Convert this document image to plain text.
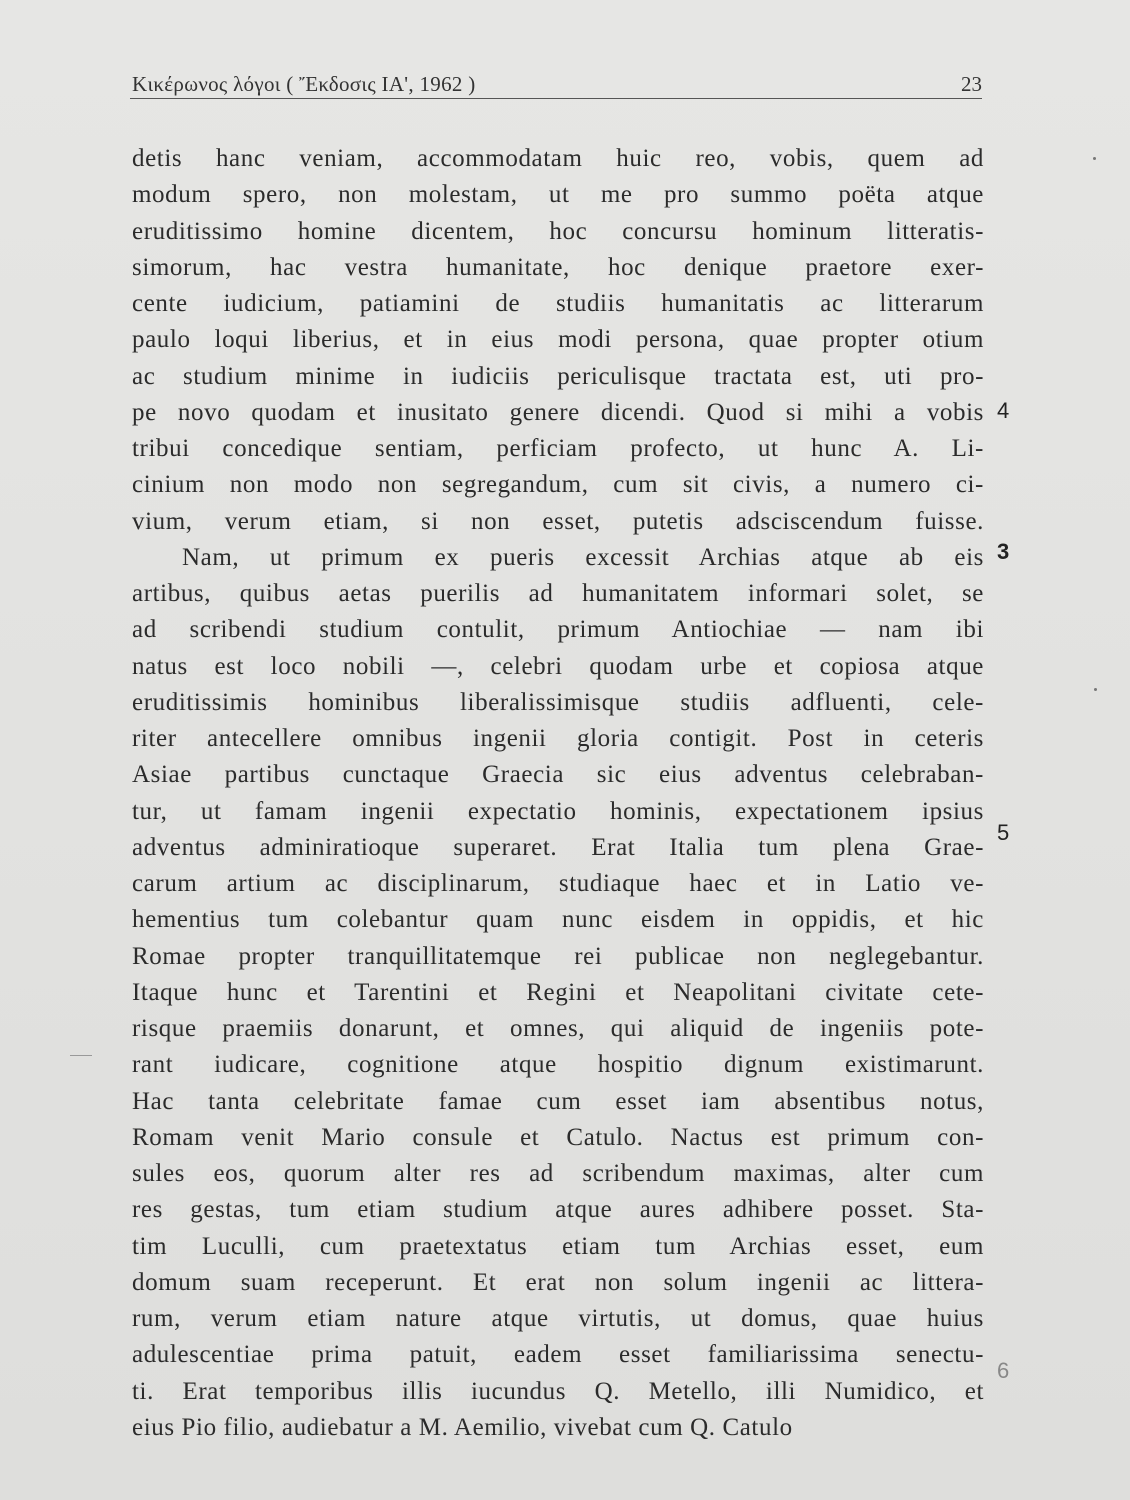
Κικέρωνος λόγοι ( Ἔκδοσις ΙΑ', 1962 )	23
detis hanc veniam, accommodatam huic reo, vobis, quem ad
modum spero, non molestam, ut me pro summo poëta atque
eruditissimo homine dicentem, hoc concursu hominum litteratis-
simorum, hac vestra humanitate, hoc denique praetore exer-
cente iudicium, patiamini de studiis humanitatis ac litterarum
paulo loqui liberius, et in eius modi persona, quae propter otium
ac studium minime in iudiciis periculisque tractata est, uti pro-
pe novo quodam et inusitato genere dicendi. Quod si mihi a vobis
tribui concedique sentiam, perficiam profecto, ut hunc A. Li-
cinium non modo non segregandum, cum sit civis, a numero ci-
vium, verum etiam, si non esset, putetis adsciscendum fuisse.
Nam, ut primum ex pueris excessit Archias atque ab eis
artibus, quibus aetas puerilis ad humanitatem informari solet, se
ad scribendi studium contulit, primum Antiochiae — nam ibi
natus est loco nobili —, celebri quodam urbe et copiosa atque
eruditissimis hominibus liberalissimisque studiis adfluenti, cele-
riter antecellere omnibus ingenii gloria contigit. Post in ceteris
Asiae partibus cunctaque Graecia sic eius adventus celebraban-
tur, ut famam ingenii expectatio hominis, expectationem ipsius
adventus adminiratioque superaret. Erat Italia tum plena Grae-
carum artium ac disciplinarum, studiaque haec et in Latio ve-
hementius tum colebantur quam nunc eisdem in oppidis, et hic
Romae propter tranquillitatemque rei publicae non neglegebantur.
Itaque hunc et Tarentini et Regini et Neapolitani civitate cete-
risque praemiis donarunt, et omnes, qui aliquid de ingeniis pote-
rant iudicare, cognitione atque hospitio dignum existimarunt.
Hac tanta celebritate famae cum esset iam absentibus notus,
Romam venit Mario consule et Catulo. Nactus est primum con-
sules eos, quorum alter res ad scribendum maximas, alter cum
res gestas, tum etiam studium atque aures adhibere posset. Sta-
tim Luculli, cum praetextatus etiam tum Archias esset, eum
domum suam receperunt. Et erat non solum ingenii ac littera-
rum, verum etiam nature atque virtutis, ut domus, quae huius
adulescentiae prima patuit, eadem esset familiarissima senectu-
ti. Erat temporibus illis iucundus Q. Metello, illi Numidico, et
eius Pio filio, audiebatur a M. Aemilio, vivebat cum Q. Catulo
4
3
5
6
